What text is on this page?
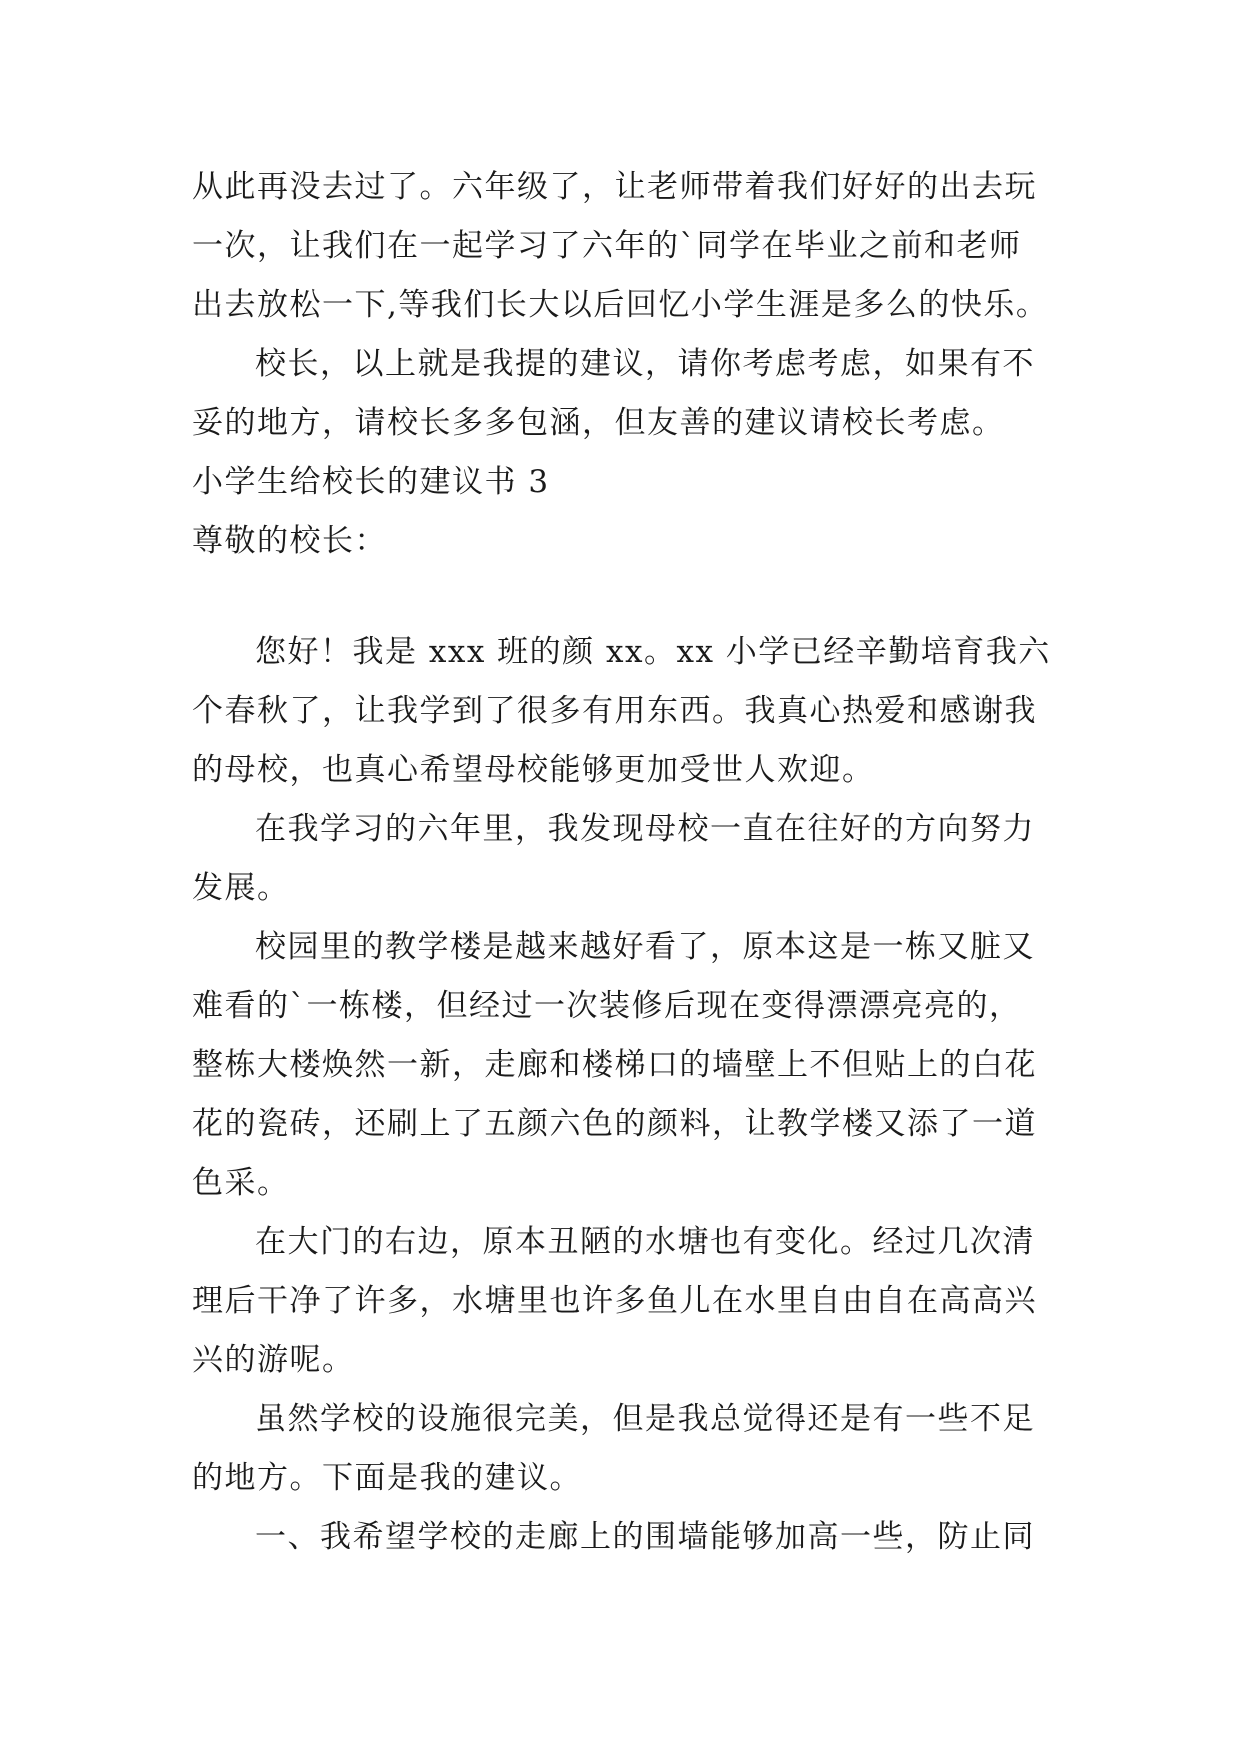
从此再没去过了。六年级了，让老师带着我们好好的出去玩

一次，让我们在一起学习了六年的`同学在毕业之前和老师

出去放松一下,等我们长大以后回忆小学生涯是多么的快乐。

校长，以上就是我提的建议，请你考虑考虑，如果有不

妥的地方，请校长多多包涵，但友善的建议请校长考虑。

小学生给校长的建议书 3

尊敬的校长：

您好！我是 xxx 班的颜 xx。xx 小学已经辛勤培育我六

个春秋了，让我学到了很多有用东西。我真心热爱和感谢我

的母校，也真心希望母校能够更加受世人欢迎。

在我学习的六年里，我发现母校一直在往好的方向努力

发展。

校园里的教学楼是越来越好看了，原本这是一栋又脏又

难看的`一栋楼，但经过一次装修后现在变得漂漂亮亮的，

整栋大楼焕然一新，走廊和楼梯口的墙壁上不但贴上的白花

花的瓷砖，还刷上了五颜六色的颜料，让教学楼又添了一道

色采。

在大门的右边，原本丑陋的水塘也有变化。经过几次清

理后干净了许多，水塘里也许多鱼儿在水里自由自在高高兴

兴的游呢。

虽然学校的设施很完美，但是我总觉得还是有一些不足

的地方。下面是我的建议。

一、我希望学校的走廊上的围墙能够加高一些，防止同
